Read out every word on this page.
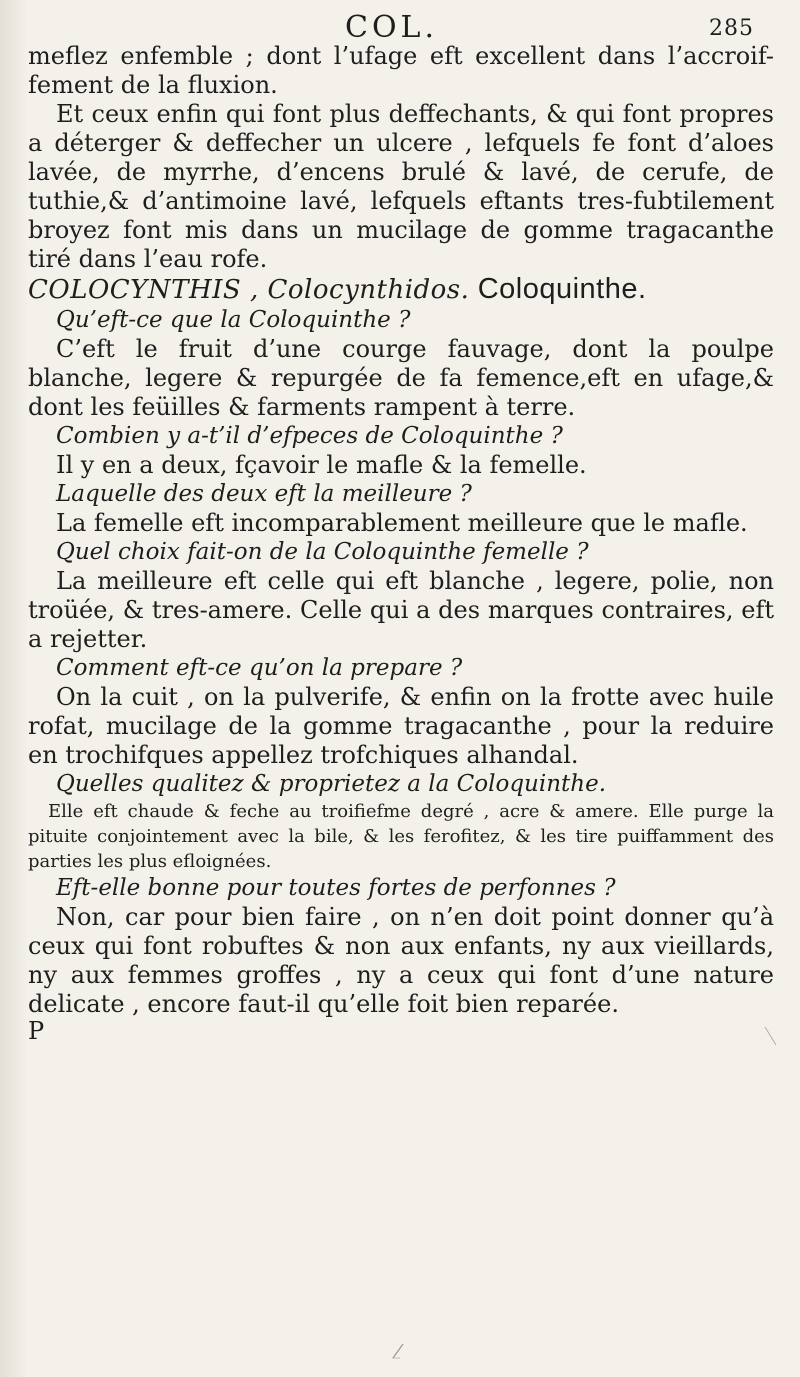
COL.	285

meflez enfemble ; dont l’ufage eft excellent dans l’accroif-fement de la fluxion.

Et ceux enfin qui font plus deffechants, & qui font propres a déterger & deffecher un ulcere , lefquels fe font d’aloes lavée, de myrrhe, d’encens brulé & lavé, de cerufe, de tuthie,& d’antimoine lavé, lefquels eftants tres-fubtilement broyez font mis dans un mucilage de gomme tragacanthe tiré dans l’eau rofe.

COLOCYNTHIS , Colocynthidos. Coloquinthe.

Qu’eft-ce que la Coloquinthe ?

C’eft le fruit d’une courge fauvage, dont la poulpe blanche, legere & repurgée de fa femence,eft en ufage,& dont les feüilles & farments rampent à terre.

Combien y a-t’il d’efpeces de Coloquinthe ?

Il y en a deux, fçavoir le mafle & la femelle.

Laquelle des deux eft la meilleure ?

La femelle eft incomparablement meilleure que le mafle.

Quel choix fait-on de la Coloquinthe femelle ?

La meilleure eft celle qui eft blanche , legere, polie, non troüée, & tres-amere. Celle qui a des marques contraires, eft a rejetter.

Comment eft-ce qu’on la prepare ?

On la cuit , on la pulverife, & enfin on la frotte avec huile rofat, mucilage de la gomme tragacanthe , pour la reduire en trochifques appellez trofchiques alhandal.

Quelles qualitez & proprietez a la Coloquinthe.

Elle eft chaude & feche au troifiefme degré , acre & amere. Elle purge la pituite conjointement avec la bile, & les ferofitez, & les tire puiffamment des parties les plus efloignées.

Eft-elle bonne pour toutes fortes de perfonnes ?

Non, car pour bien faire , on n’en doit point donner qu’à ceux qui font robuftes & non aux enfants, ny aux vieillards, ny aux femmes groffes , ny a ceux qui font d’une nature delicate , encore faut-il qu’elle foit bien reparée.

P
